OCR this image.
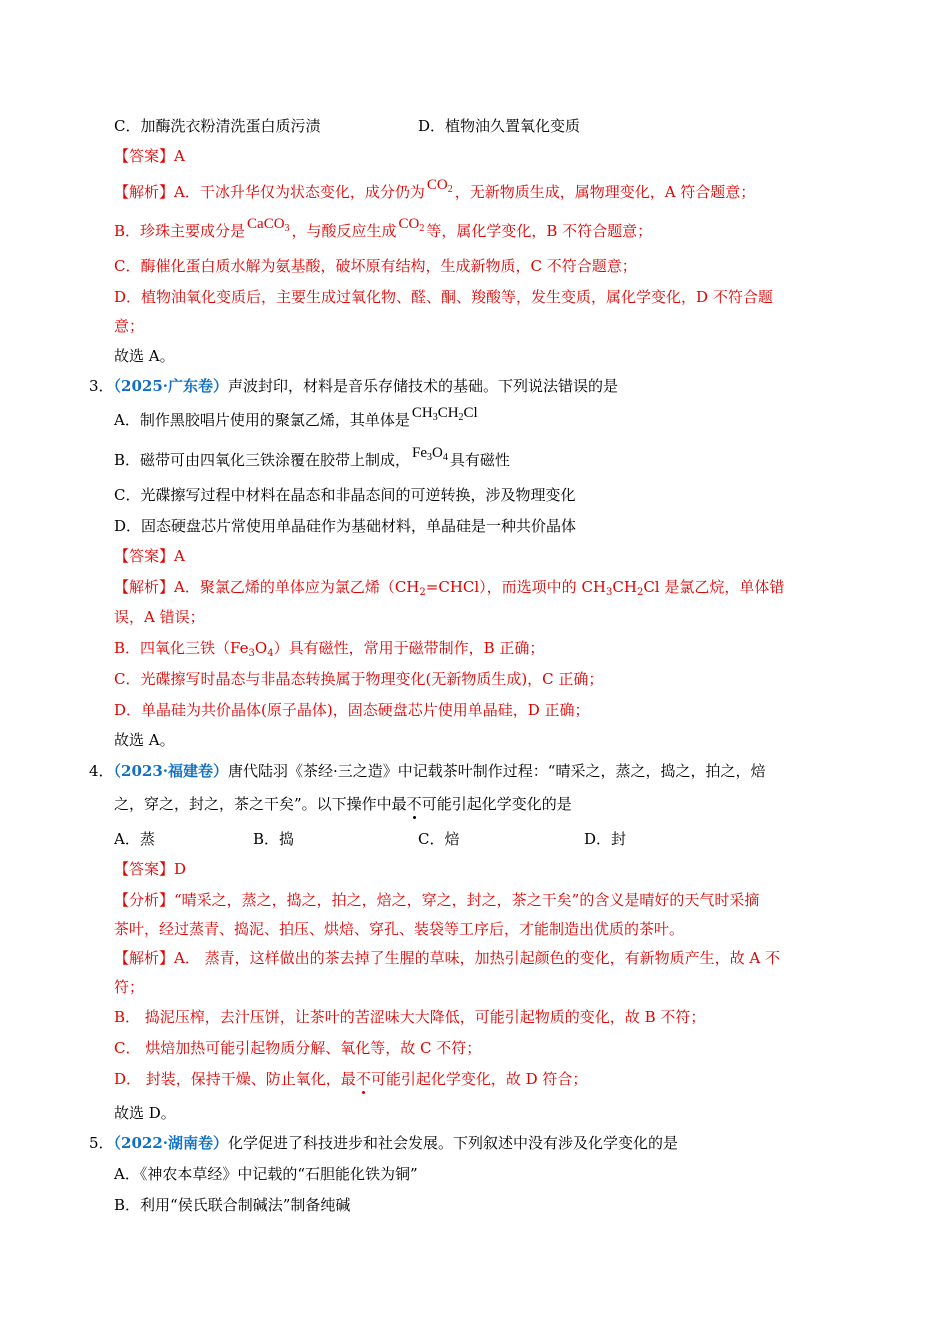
C．加酶洗衣粉清洗蛋白质污渍	D．植物油久置氧化变质
【答案】A
【解析】A．干冰升华仅为状态变化，成分仍为 $CO_2$ ，无新物质生成，属物理变化，A 符合题意；
B．珍珠主要成分是 CaCO$_3$ ，与酸反应生成 $CO_2$ 等，属化学变化，B 不符合题意；
C．酶催化蛋白质水解为氨基酸，破坏原有结构，生成新物质，C 不符合题意；
D．植物油氧化变质后，主要生成过氧化物、醛、酮、羧酸等，发生变质，属化学变化，D 不符合题
意；
故选 A。
3．（2025·广东卷）声波封印，材料是音乐存储技术的基础。下列说法错误的是
A．制作黑胶唱片使用的聚氯乙烯，其单体是 $CH_3CH_2Cl$
B．磁带可由四氧化三铁涂覆在胶带上制成， $Fe_3O_4$ 具有磁性
C．光碟擦写过程中材料在晶态和非晶态间的可逆转换，涉及物理变化
D．固态硬盘芯片常使用单晶硅作为基础材料，单晶硅是一种共价晶体
【答案】A
【解析】A．聚氯乙烯的单体应为氯乙烯$(CH_2=CHCl)$，而选项中的 $CH_3CH_2Cl$ 是氯乙烷，单体错
误，A 错误；
B．四氧化三铁$(Fe_3O_4)$具有磁性，常用于磁带制作，B 正确；
C．光碟擦写时晶态与非晶态转换属于物理变化(无新物质生成)，C 正确；
D．单晶硅为共价晶体(原子晶体)，固态硬盘芯片使用单晶硅，D 正确；
故选 A。
4．（2023·福建卷）唐代陆羽《茶经·三之造》中记载茶叶制作过程：“晴采之，蒸之，捣之，拍之，焙
之，穿之，封之，茶之干矣”。以下操作中最不可能引起化学变化的是
A．蒸	B．捣	C．焙	D．封
【答案】D
【分析】“晴采之，蒸之，捣之，拍之，焙之，穿之，封之，茶之干矣”的含义是晴好的天气时采摘
茶叶，经过蒸青、捣泥、拍压、烘焙、穿孔、装袋等工序后，才能制造出优质的茶叶。
【解析】A． 蒸青，这样做出的茶去掉了生腥的草味，加热引起颜色的变化，有新物质产生，故 A 不
符；
B． 捣泥压榨，去汁压饼，让茶叶的苦涩味大大降低，可能引起物质的变化，故 B 不符；
C． 烘焙加热可能引起物质分解、氧化等，故 C 不符；
D． 封装，保持干燥、防止氧化，最不可能引起化学变化，故 D 符合；
故选 D。
5．（2022·湖南卷）化学促进了科技进步和社会发展。下列叙述中没有涉及化学变化的是
A．《神农本草经》中记载的“石胆能化铁为铜”
B．利用“侯氏联合制碱法”制备纯碱
